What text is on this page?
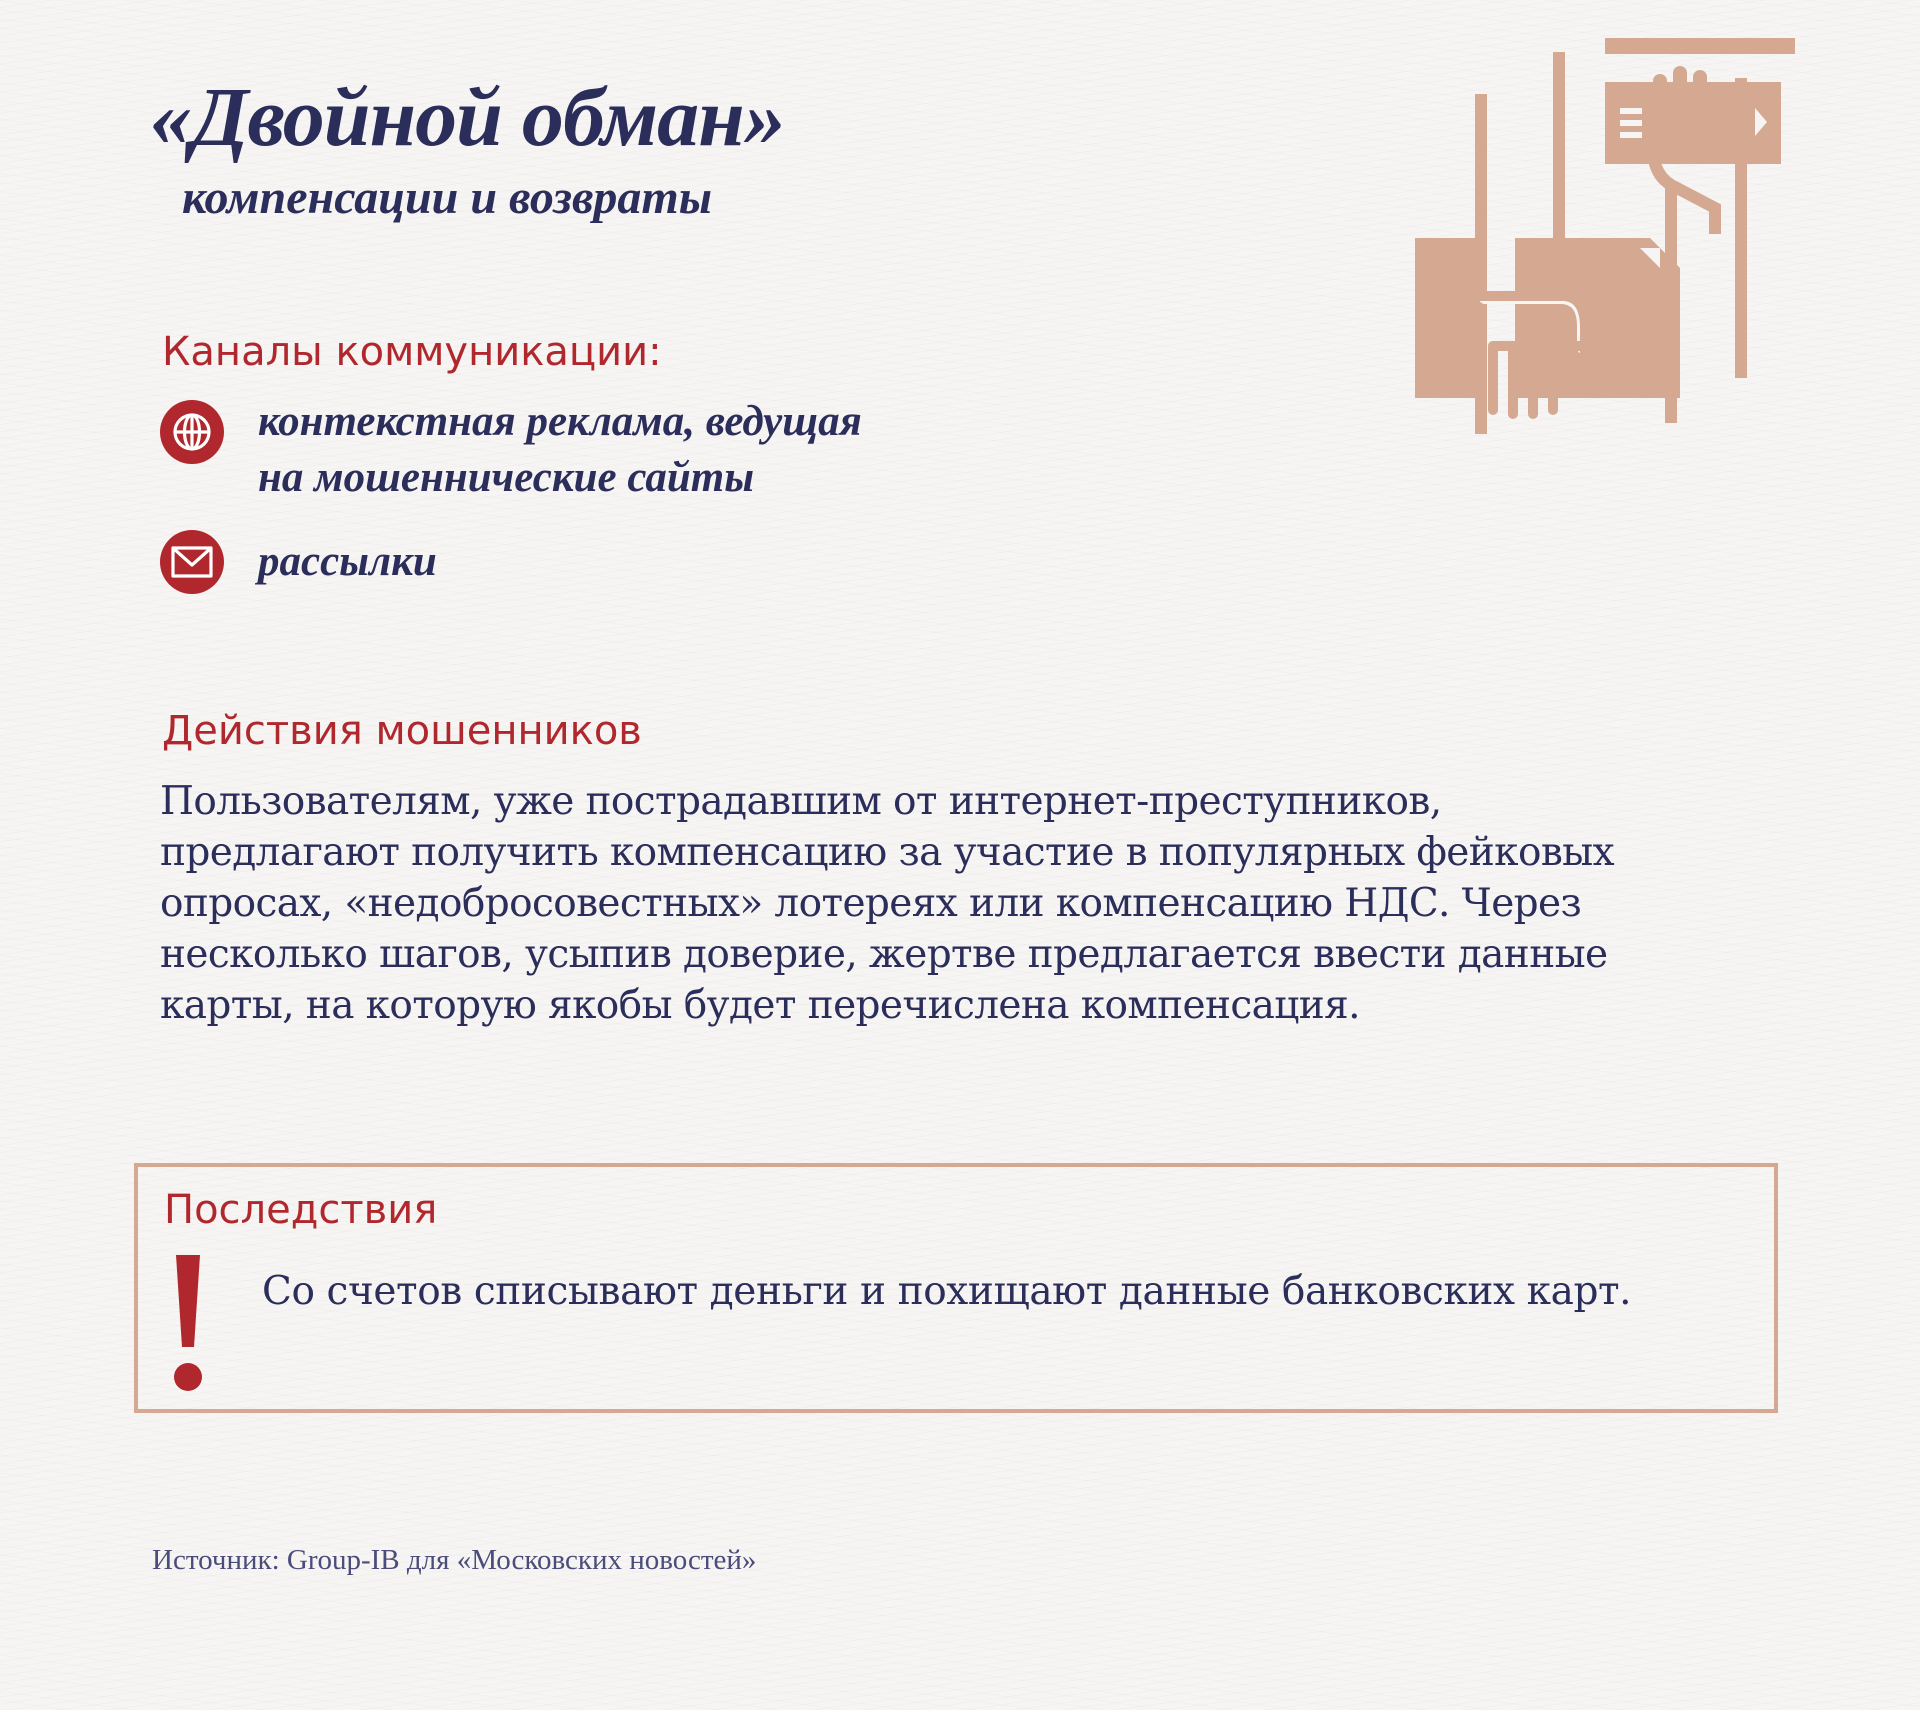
«Двойной обман»
компенсации и возвраты
Каналы коммуникации:
контекстная реклама, ведущая
на мошеннические сайты
рассылки
Действия мошенников

Пользователям, уже пострадавшим от интернет-преступников,
предлагают получить компенсацию за участие в популярных фейковых
опросах, «недобросовестных» лотереях или компенсацию НДС. Через
несколько шагов, усыпив доверие, жертве предлагается ввести данные
карты, на которую якобы будет перечислена компенсация.

Последствия
Со счетов списывают деньги и похищают данные банковских карт.
Источник: Group-IB для «Московских новостей»
